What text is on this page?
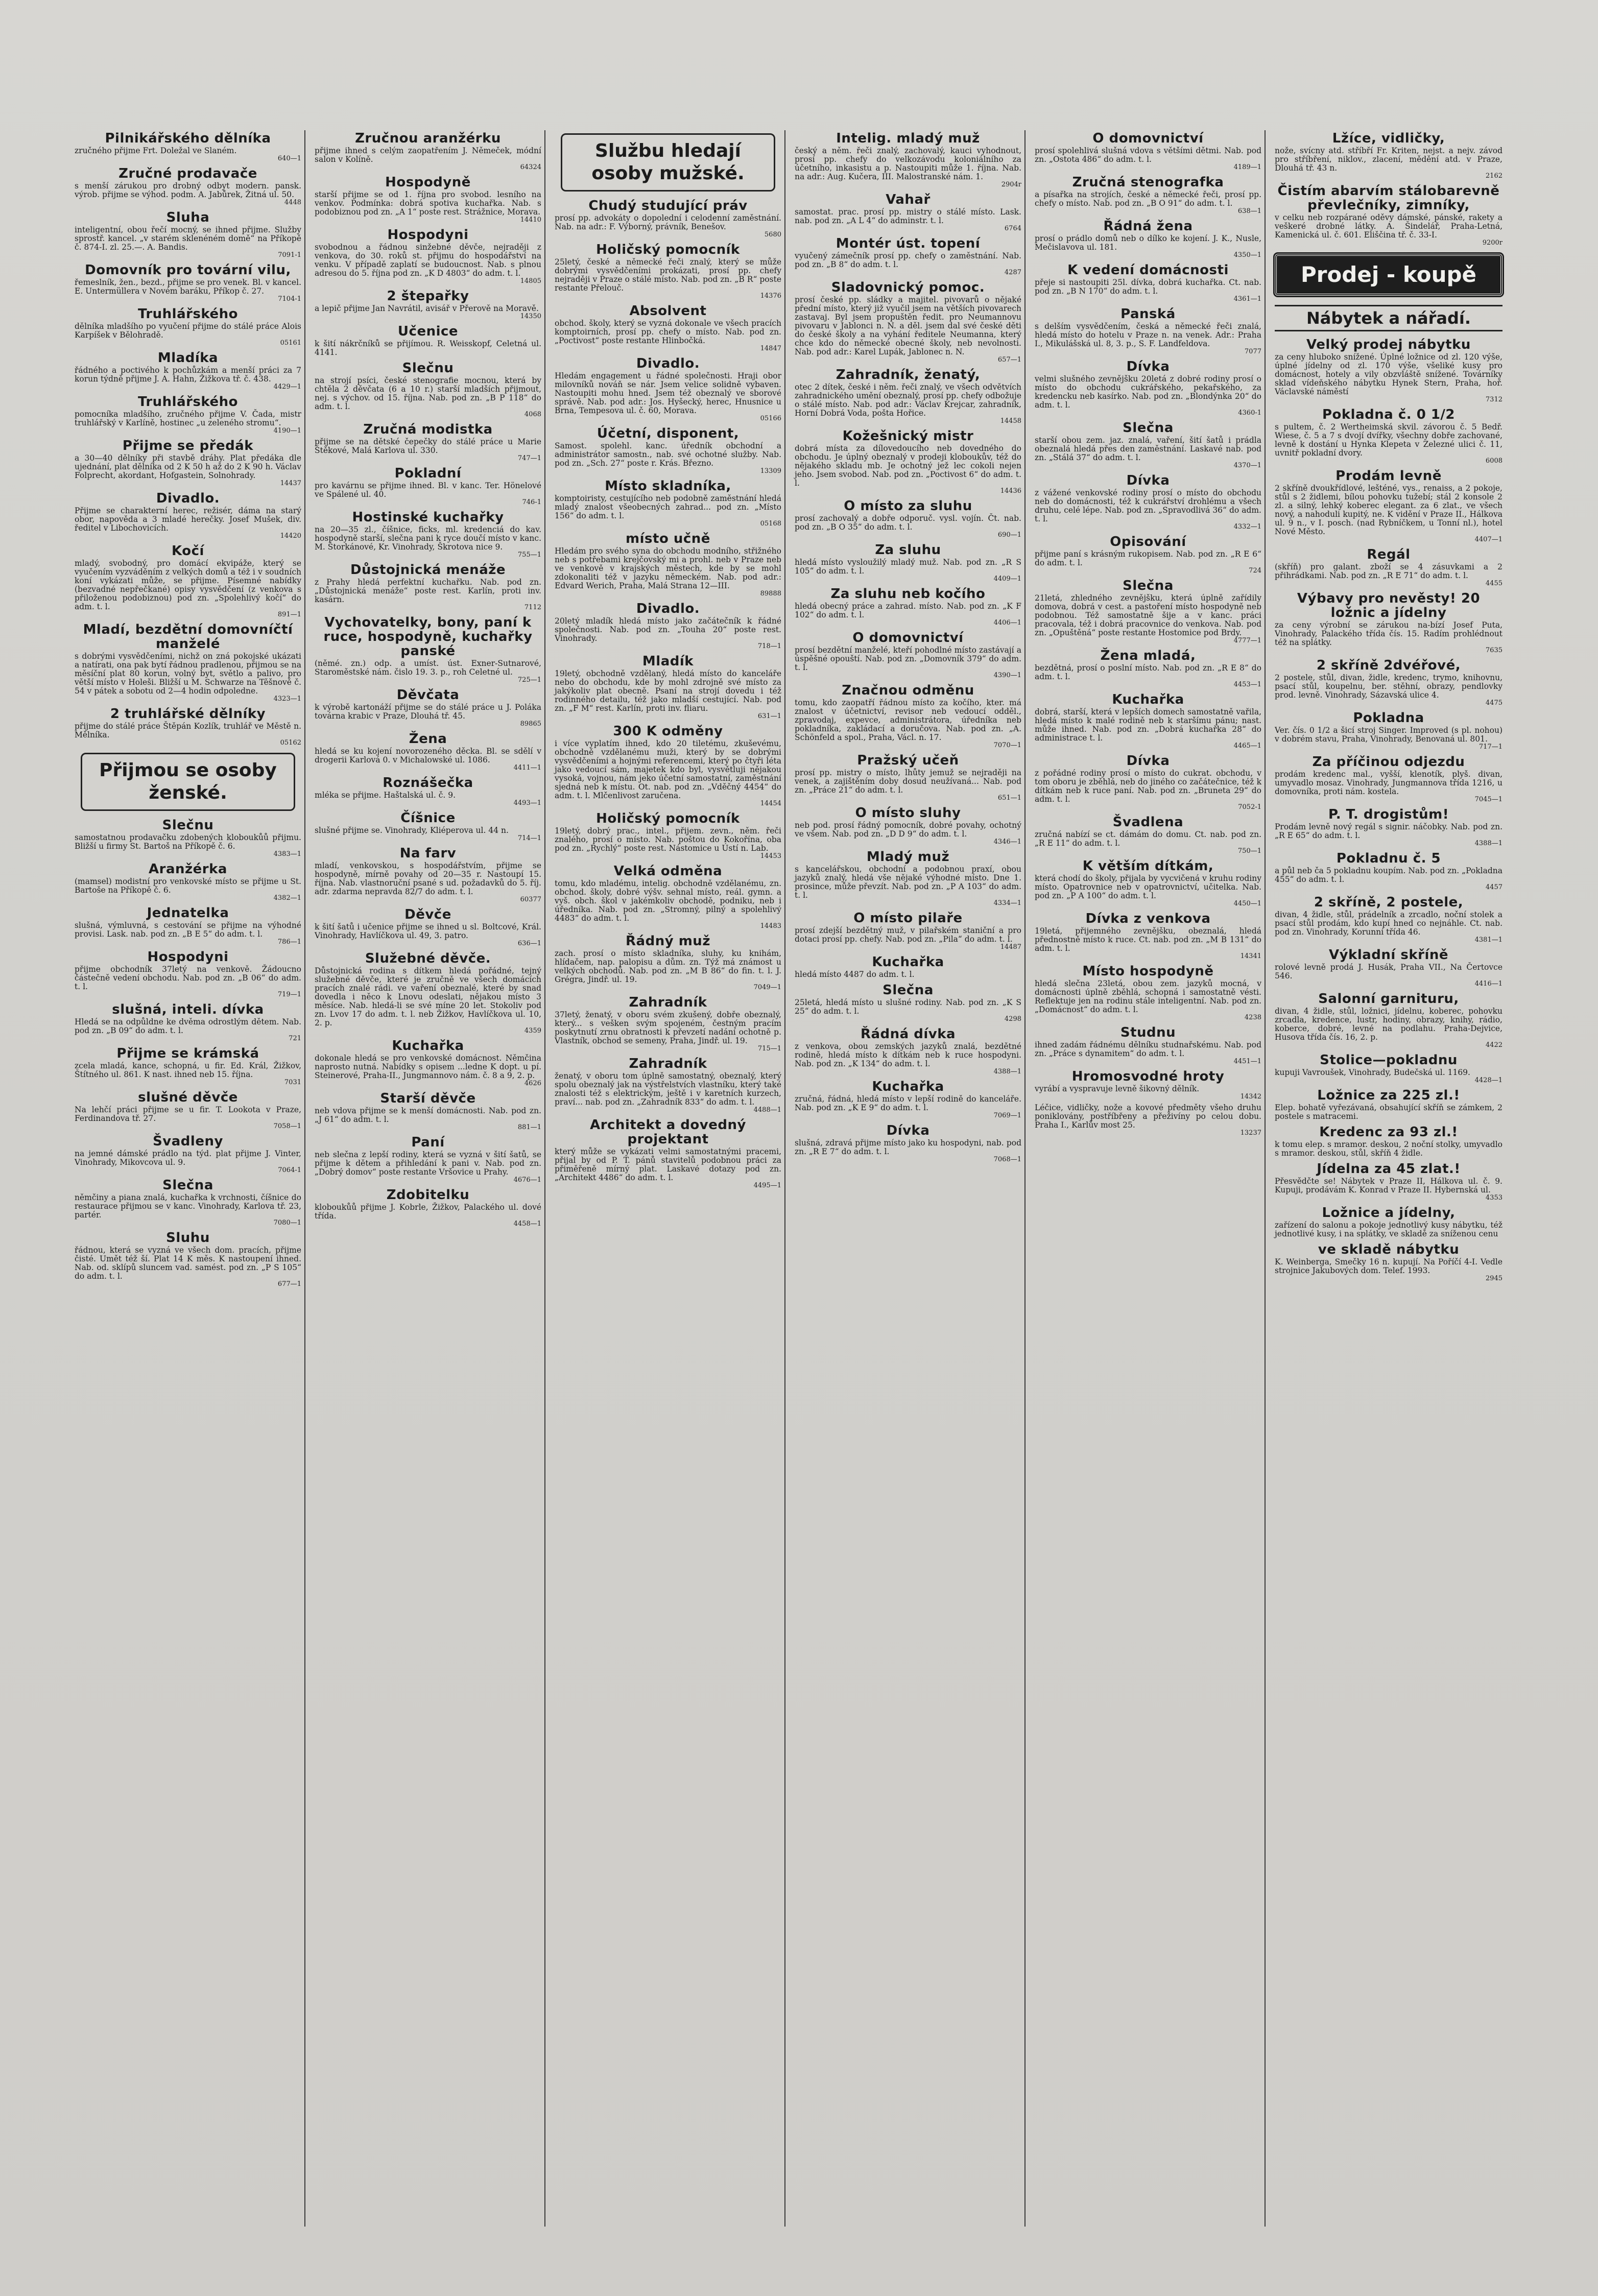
Pilnikářského dělníka

zručného přijme Frt. Doležal ve Slaném.

640—1
Zručné prodavače

s menší zárukou pro drobný odbyt modern. pansk. výrob. přijme se výhod. podm. A. Jabůrek, Žitná ul. 50.

4448
Sluha

inteligentní, obou řečí mocný, se ihned přijme. Služby sprostř. kancel. „v starém sklenéném domě“ na Příkopě č. 874-I. zl. 25.—. A. Bandis.

7091-1
Domovník pro tovární vilu,

řemeslník, žen., bezd., přijme se pro venek. Bl. v kancel. E. Untermüllera v Novém baráku, Příkop č. 27.

7104-1
Truhlářského

dělníka mladšího po vyučení přijme do stálé práce Alois Karpíšek v Bělohradě.

05161
Mladíka

řádného a poctivého k pochůzkám a menší práci za 7 korun týdně přijme J. A. Hahn, Žižkova tř. č. 438.

4429—1
Truhlářského

pomocníka mladšího, zručného přijme V. Čada, mistr truhlářský v Karlíně, hostinec „u zeleného stromu“.

4190—1
Přijme se předák

a 30—40 dělníky při stavbě dráhy. Plat předáka dle ujednání, plat dělníka od 2 K 50 h až do 2 K 90 h. Václav Folprecht, akordant, Hofgastein, Solnohrady.

14437
Divadlo.

Přijme se charakterní herec, režisér, dáma na starý obor, napověda a 3 mladé herečky. Josef Mušek, div. ředitel v Libochovicích.

14420
Kočí

mladý, svobodný, pro domácí ekvipáže, který se vyučením vyzváděním z velkých domů a též i v soudních koní vykázati může, se přijme. Písemné nabídky (bezvadné nepřečkané) opisy vysvědčení (z venkova s přiloženou podobiznou) pod zn. „Spolehlivý kočí“ do adm. t. l.

891—1
Mladí, bezdětní domovníčtí manželé

s dobrými vysvědčeními, nichž on zná pokojské ukázati a natírati, ona pak bytí řádnou pradlenou, přijmou se na měsíční plat 80 korun, volný byt, světlo a palivo, pro větší místo v Holeši. Bližší u M. Schwarze na Těšnově č. 54 v pátek a sobotu od 2—4 hodin odpoledne.

4323—1
2 truhlářské dělníky

přijme do stálé práce Štěpán Kozlík, truhlář ve Městě n. Mělníka.

05162
Přijmou se osoby ženské.
Slečnu

samostatnou prodavačku zdobených kloboukůů přijmu. Bližší u firmy St. Bartoš na Příkopě č. 6.

4383—1
Aranžérka

(mamsel) modistní pro venkovské místo se přijme u St. Bartoše na Příkopě č. 6.

4382—1
Jednatelka

slušná, výmluvná, s cestování se přijme na výhodné provisi. Lask. nab. pod zn. „B E 5“ do adm. t. l.

786—1
Hospodyni

přijme obchodník 37letý na venkově. Žádoucno částečně vedení obchodu. Nab. pod zn. „B 06“ do adm. t. l.

719—1
slušná, inteli. dívka

Hledá se na odpůldne ke dvěma odrostlým dětem. Nab. pod zn. „B 09“ do adm. t. l.

721
Přijme se krámská

zcela mladá, kance, schopná, u fir. Ed. Král, Žižkov, Štítného ul. 861. K nast. ihned neb 15. října.

7031
slušné děvče

Na lehčí práci přijme se u fir. T. Lookota v Praze, Ferdinandova tř. 27.

7058—1
Švadleny

na jemné dámské prádlo na týd. plat přijme J. Vinter, Vinohrady, Mikovcova ul. 9.

7064-1
Slečna

němčiny a piana znalá, kuchařka k vrchnosti, číšnice do restaurace přijmou se v kanc. Vinohrady, Karlova tř. 23, partér.

7080—1
Sluhu

řádnou, která se vyzná ve všech dom. pracích, přijme čisté. Umět též ší. Plat 14 K měs. K nastoupení ihned. Nab. od. sklípů sluncem vad. samést. pod zn. „P S 105“ do adm. t. l.

677—1
Zručnou aranžérku

přijme ihned s celým zaopatřením J. Němeček, módní salon v Kolíně.

64324
Hospodyně

starší přijme se od 1. října pro svobod. lesního na venkov. Podmínka: dobrá spotiva kuchařka. Nab. s podobiznou pod zn. „A 1“ poste rest. Strážnice, Morava.

14410
Hospodyni

svobodnou a řádnou sinžebné děvče, nejraději z venkova, do 30. roků st. přijmu do hospodářství na venku. V případě zaplatí se budoucnost. Nab. s plnou adresou do 5. října pod zn. „K D 4803“ do adm. t. l.

14805
2 štepařky

a lepič přijme Jan Navrátil, avisář v Přerově na Moravě.

14350
Učenice

k šití nákrčníků se přijímou. R. Weisskopf, Celetná ul. 4141.

Slečnu

na strojí psíci, české stenografie mocnou, která by chtěla 2 děvčata (6 a 10 r.) starší mladších přijmout, nej. s výchov. od 15. října. Nab. pod zn. „B P 118“ do adm. t. l.

4068
Zručná modistka

přijme se na dětské čepečky do stálé práce u Marie Štěkové, Malá Karlova ul. 330.

747—1
Pokladní

pro kavárnu se přijme ihned. Bl. v kanc. Ter. Hönelové ve Spálené ul. 40.

746-1
Hostinské kuchařky

na 20—35 zl., číšnice, ficks, ml. kredenciá do kav. hospodyně starší, slečna pani k ryce doučí místo v kanc. M. Štorkánové, Kr. Vinohrady, Škrotova nice 9.

755—1
Důstojnická menáže

z Prahy hledá perfektní kuchařku. Nab. pod zn. „Důstojnická menáže“ poste rest. Karlín, proti inv. kasárn.

7112
Vychovatelky, bony, paní k ruce, hospodyně, kuchařky panské

(němé. zn.) odp. a umíst. úst. Exner-Sutnarové, Staroměstské nám. čislo 19. 3. p., roh Celetné ul.

725—1
Děvčata

k výrobě kartonáží přijme se do stálé práce u J. Poláka továrna krabic v Praze, Dlouhá tř. 45.

89865
Žena

hledá se ku kojení novorozeného děcka. Bl. se sdělí v drogerii Karlová 0. v Michalowské ul. 1086.

4411—1
Roznášečka

mléka se přijme. Haštalská ul. č. 9.

4493—1
Číšnice

slušné přijme se. Vinohrady, Kliéperova ul. 44 n.

714—1
Na farv

mladí, venkovskou, s hospodářstvím, přijme se hospodyně, mírně povahy od 20—35 r. Nastoupí 15. října. Nab. vlastnoruční psané s ud. požadavků do 5. říj. adr. zdarma nepravda 82/7 do adm. t. l.

60377
Děvče

k šití šatů i učenice přijme se ihned u sl. Boltcové, Král. Vinohrady, Havlíčkova ul. 49, 3. patro.

636—1
Služebné děvče.

Důstojnická rodina s dítkem hledá pořádné, tejný služebné děvče, které je zručně ve všech domácích pracích znalé rádi. ve vaření obeznalé, které by snad dovedla i něco k Lnovu odeslati, nějakou místo 3 měsíce. Nab. hledá-li se své míne 20 let. Stokoliv pod zn. Lvov 17 do adm. t. l. neb Žižkov, Havlíčkova ul. 10, 2. p.

4359
Kuchařka

dokonale hledá se pro venkovské domácnost. Němčina naprosto nutná. Nabídky s opisem ...ledne K dopt. u pí. Steinerové, Praha-II., Jungmannovo nám. č. 8 a 9, 2. p.

4626
Starší děvče

neb vdova přijme se k menší domácnosti. Nab. pod zn. „J 61“ do adm. t. l.

881—1
Paní

neb slečna z lepší rodiny, která se vyzná v šití šatů, se přijme k dětem a přihledání k pani v. Nab. pod zn. „Dobrý domov“ poste restante Vršovice u Prahy.

4676—1
Zdobitelku

kloboukůů přijme J. Kobrle, Žižkov, Palackého ul. dové třída.

4458—1
Službu hledají osoby mužské.
Chudý studující práv

prosí pp. advokáty o dopolední i celodenní zaměstnání. Nab. na adr.: F. Výborný, právník, Benešov.

5680
Holičský pomocník

25letý, české a německé řeči znalý, který se může dobrými vysvědčeními prokázati, prosí pp. chefy nejraději v Praze o stálé místo. Nab. pod zn. „B R“ poste restante Přelouč.

14376
Absolvent

obchod. školy, který se vyzná dokonale ve všech pracích komptoirních, prosí pp. chefy o místo. Nab. pod zn. „Poctivost“ poste restante Hlinbočká.

14847
Divadlo.

Hledám engagement u řádné společnosti. Hraji obor milovníků nováň se nár. Jsem velice solidně vybaven. Nastoupiti mohu hned. Jsem též obeznalý ve sborové správě. Nab. pod adr.: Jos. Hyšecký, herec, Hnusnice u Brna, Tempesova ul. č. 60, Morava.

05166
Účetní, disponent,

Samost. spolehl. kanc. úředník obchodní a administrátor samostn., nab. své ochotné služby. Nab. pod zn. „Sch. 27“ poste r. Krás. Březno.

13309
Místo skladníka,

komptoiristy, cestujícího neb podobně zaměstnání hledá mladý znalost všeobecných zahrad... pod zn. „Místo 156“ do adm. t. l.

05168
místo učně

Hledám pro svého syna do obchodu modního, střižného neb s potřebami krejčovský mi a prohl. neb v Praze neb ve venkově v krajských městech, kde by se mohl zdokonaliti též v jazyku německém. Nab. pod adr.: Edvard Werich, Praha, Malá Strana 12—III.

89888
Divadlo.

20letý mladík hledá místo jako začátečník k řádné společnosti. Nab. pod zn. „Touha 20“ poste rest. Vinohrady.

718—1
Mladík

19letý, obchodně vzdělaný, hledá místo do kanceláře nebo do obchodu, kde by mohl zdrojně své místo za jakýkoliv plat obecně. Psaní na strojí dovedu i též rodinného detailu, též jako mladší cestující. Nab. pod zn. „F M“ rest. Karlín, proti inv. fliaru.

631—1
300 K odměny

i více vyplatím ihned, kdo 20 tiletému, zkuševému, obchodně vzdělanému muži, který by se dobrými vysvědčeními a hojnými referencemi, který po čtyři léta jako vedoucí sám, majetek kdo byl, vysvětluji nějakou vysoká, vojnou, nám jeko účetní samostatní, zaměstnání sjedná neb k místu. Ot. nab. pod zn. „Vděčný 4454“ do adm. t. l. Mlčenlivost zaručena.

14454
Holičský pomocník

19letý, dobrý prac., intel., přijem. zevn., něm. řeči znalého, prosí o místo. Nab. poštou do Kokořína, oba pod zn. „Rychlý“ poste rest. Nástomice u Ústí n. Lab.

14453
Velká odměna

tomu, kdo mladému, intelig. obchodně vzdělanému, zn. obchod. školy, dobré výšv. sehnal místo, reál. gymn. a vyš. obch. škol v jakémkoliv obchodě, podniku, neb i úředníka. Nab. pod zn. „Stromný, pilný a spolehlivý 4483“ do adm. t. l.

14483
Řádný muž

zach. prosí o místo skladníka, sluhy, ku knihám, hlídačem, nap. palopisu a dům. zn. Týž má známost u velkých obchodů. Nab. pod zn. „M B 86“ do fin. t. l. J. Grégra, Jindř. ul. 19.

7049—1
Zahradník

37letý, ženatý, v oboru svém zkušený, dobře obeznalý, který... s vešken svým spojeném, čestným pracím poskytnutí zrnu obratnosti k převzetí nadání ochotně p. Vlastník, obchod se semeny, Praha, Jindř. ul. 19.

715—1
Zahradník

ženatý, v oboru tom úplně samostatný, obeznalý, který spolu obeznalý jak na výstřelstvích vlastníku, který také znalosti též s elektrickým, ještě i v karetních kurzech, praví... nab. pod zn. „Zahradník 833“ do adm. t. l.

4488—1
Architekt a dovedný projektant

který může se vykázati velmi samostatnými pracemi, přijal by od P. T. pánů stavitelů podobnou práci za přiměřeně mírný plat. Laskavé dotazy pod zn. „Architekt 4486“ do adm. t. l.

4495—1
Intelig. mladý muž

český a něm. řeči znalý, zachovalý, kauci vyhodnout, prosí pp. chefy do velkozávodu koloniálního za účetního, inkasistu a p. Nastoupiti může 1. října. Nab. na adr.: Aug. Kučera, III. Malostranské nám. 1.

2904r
Vahař

samostat. prac. prosí pp. mistry o stálé místo. Lask. nab. pod zn. „A L 4“ do adminstr. t. l.

6764
Montér úst. topení

vyučený zámečník prosí pp. chefy o zaměstnání. Nab. pod zn. „B 8“ do adm. t. l.

4287
Sladovnický pomoc.

prosí české pp. sládky a majitel. pivovarů o nějaké přední místo, který již vyučil jsem na větších pivovarech zastavaj. Byl jsem propuštěn ředit. pro Neumannovu pivovaru v Jablonci n. N. a děl. jsem dal své české děti do české školy a na vyhání ředitele Neumanna, který chce kdo do německé obecné školy, neb nevolnosti. Nab. pod adr.: Karel Lupák, Jablonec n. N.

657—1
Zahradník, ženatý,

otec 2 dítek, české i něm. řeči znalý, ve všech odvětvích zahradnického umění obeznalý, prosí pp. chefy odbožuje o stálé místo. Nab. pod adr.: Václav Krejcar, zahradník, Horní Dobrá Voda, pošta Hořice.

14458
Kožešnický mistr

dobrá místa za dílovedoucího neb dovedného do obchodu. Je úplný obeznalý v prodeji kloboukův, též do nějakého skladu mb. Je ochotný jež lec cokoli nejen jeho. Jsem svobod. Nab. pod zn. „Poctivost 6“ do adm. t. l.

14436
O místo za sluhu

prosí zachovalý a dobře odporuč. vysl. vojín. Čt. nab. pod zn. „B O 35“ do adm. t. l.

690—1
Za sluhu

hledá místo vysloužilý mladý muž. Nab. pod zn. „R S 105“ do adm. t. l.

4409—1
Za sluhu neb kočího

hledá obecný práce a zahrad. místo. Nab. pod zn. „K F 102“ do adm. t. l.

4406—1
O domovnictví

prosí bezdětní manželé, kteří pohodlné místo zastávají a úspěšné opouští. Nab. pod zn. „Domovník 379“ do adm. t. l.

4390—1
Značnou odměnu

tomu, kdo zaopatří řádnou místo za kočího, kter. má znalost v účetnictví, revisor neb vedoucí odděl., zpravodaj, expevce, administrátora, úředníka neb pokladníka, zakládací a doručova. Nab. pod zn. „A. Schönfeld a spol., Praha, Václ. n. 17.

7070—1
Pražský učeň

prosí pp. mistry o místo, lhůty jemuž se nejraději na venek, a zajištěním doby dosud neužívaná... Nab. pod zn. „Práce 21“ do adm. t. l.

651—1
O místo sluhy

neb pod. prosí řádný pomocník, dobré povahy, ochotný ve všem. Nab. pod zn. „D D 9“ do adm. t. l.

4346—1
Mladý muž

s kancelářskou, obchodní a podobnou praxí, obou jazyků znalý, hledá vše nějaké výhodné místo. Dne 1. prosince, může převzít. Nab. pod zn. „P A 103“ do adm. t. l.

4334—1
O místo pilaře

prosí zdejší bezdětný muž, v pilařském staniční a pro dotaci prosí pp. chefy. Nab. pod zn. „Pila“ do adm. t. l.

14487
Kuchařka

hledá místo 4487 do adm. t. l.

Slečna

25letá, hledá místo u slušné rodiny. Nab. pod zn. „K S 25“ do adm. t. l.

4298
Řádná dívka

z venkova, obou zemských jazyků znalá, bezdětné rodině, hledá místo k dítkám neb k ruce hospodyni. Nab. pod zn. „K 134“ do adm. t. l.

4388—1
Kuchařka

zručná, řádná, hledá místo v lepší rodině do kanceláře. Nab. pod zn. „K E 9“ do adm. t. l.

7069—1
Dívka

slušná, zdravá přijme místo jako ku hospodyni, nab. pod zn. „R E 7“ do adm. t. l.

7068—1
O domovnictví

prosí spolehlivá slušná vdova s většími dětmi. Nab. pod zn. „Ostota 486“ do adm. t. l.

4189—1
Zručná stenografka

a písařka na strojích, české a německé řeči, prosí pp. chefy o místo. Nab. pod zn. „B O 91“ do adm. t. l.

638—1
Řádná žena

prosí o prádlo domů neb o dílko ke kojení. J. K., Nusle, Mečislavova ul. 181.

4350—1
K vedení domácnosti

přeje si nastoupiti 25l. dívka, dobrá kuchařka. Ct. nab. pod zn. „B N 170“ do adm. t. l.

4361—1
Panská

s delším vysvědčením, česká a německé řeči znalá, hledá místo do hotelu v Praze n. na venek. Adr.: Praha I., Mikulášská ul. 8, 3. p., S. F. Landfeldova.

7077
Dívka

velmi slušného zevnějšku 20letá z dobré rodiny prosí o místo do obchodu cukrářského, pekařského, za kredencku neb kasírko. Nab. pod zn. „Blondýnka 20“ do adm. t. l.

4360-1
Slečna

starší obou zem. jaz. znalá, vaření, šití šatů i prádla obeznalá hledá přes den zaměstnání. Laskavé nab. pod zn. „Stálá 37“ do adm. t. l.

4370—1
Dívka

z vážené venkovské rodiny prosí o místo do obchodu neb do domácnosti, též k cukrářství drohlému a všech druhu, celé lépe. Nab. pod zn. „Spravodlivá 36“ do adm. t. l.

4332—1
Opisování

přijme paní s krásným rukopisem. Nab. pod zn. „R E 6“ do adm. t. l.

724
Slečna

21letá, zhledného zevnějšku, která úplně zařídily domova, dobrá v cest. a pastoření místo hospodyně neb podobnou. Též samostatně šije a v kanc. práci pracovala, též i dobrá pracovnice do venkova. Nab. pod zn. „Opuštěná“ poste restante Hostomice pod Brdy.

4777—1
Žena mladá,

bezdětná, prosí o poslní místo. Nab. pod zn. „R E 8“ do adm. t. l.

4453—1
Kuchařka

dobrá, starší, která v lepších domech samostatně vařila, hledá místo k malé rodině neb k staršímu pánu; nast. může ihned. Nab. pod zn. „Dobrá kuchařka 28“ do administrace t. l.

4465—1
Dívka

z pořádné rodiny prosí o místo do cukrat. obchodu, v tom oboru je zběhlá, neb do jiného co začátečnice, též k dítkám neb k ruce paní. Nab. pod zn. „Bruneta 29“ do adm. t. l.

7052-1
Švadlena

zručná nabízí se ct. dámám do domu. Ct. nab. pod zn. „R E 11“ do adm. t. l.

750—1
K větším dítkám,

která chodí do školy, přijala by vycvičená v kruhu rodiny místo. Opatrovnice neb v opatrovnictví, učitelka. Nab. pod zn. „P A 100“ do adm. t. l.

4450—1
Dívka z venkova

19letá, přijemného zevnějšku, obeznalá, hledá přednostně místo k ruce. Ct. nab. pod zn. „M B 131“ do adm. t. l.

14341
Místo hospodyně

hledá slečna 23letá, obou zem. jazyků mocná, v domácnosti úplně zběhlá, schopná i samostatně vésti. Reflektuje jen na rodinu stále inteligentní. Nab. pod zn. „Domácnost“ do adm. t. l.

4238
Studnu

ihned zadám řádnému dělníku studnařskému. Nab. pod zn. „Práce s dynamitem“ do adm. t. l.

4451—1
Hromosvodné hroty

vyrábí a vyspravuje levně šikovný dělník.

14342

Léčice, vidličky, nože a kovové předměty všeho druhu poniklovány, postříbřeny a přeživíny po celou dobu. Praha I., Karlův most 25.

13237
Lžíce, vidličky,

nože, svícny atd. stříbří Fr. Kriten, nejst. a nejv. závod pro stříbření, niklov., zlacení, mědění atd. v Praze, Dlouhá tř. 43 n.

2162
Čistím abarvím stálobarevně převlečníky, zimníky,

v celku neb rozpárané oděvy dámské, pánské, rakety a veškeré drobné látky. A. Šindelář, Praha-Letná, Kamenická ul. č. 601. Eliščina tř. č. 33-I.

9200r
Prodej - koupě
Nábytek a nářadí.
Velký prodej nábytku

za ceny hluboko snížené. Úplné ložnice od zl. 120 výše, úplné jídelny od zl. 170 výše, všeliké kusy pro domácnost, hotely a vily obzvláště snížené. Továrníky sklad vídeňského nábytku Hynek Stern, Praha, hoř. Václavské náměstí

7312
Pokladna č. 0 1/2

s pultem, č. 2 Wertheimská skvil. závorou č. 5 Bedř. Wiese, č. 5 a 7 s dvojí dvířky, všechny dobře zachované, levně k dostání u Hynka Klepeta v Zelezné ulici č. 11, uvnitř pokladní dvory.

6008
Prodám levně

2 skříně dvoukřídlové, lešténé, vys., renaiss, a 2 pokoje, stůl s 2 židlemi, bílou pohovku tužebí; stál 2 konsole 2 zl. a silný, lehký koberec elegant. za 6 zlat., ve všech nový, a nahoduli kupitý, ne. K vidění v Praze II., Hálkova ul. 9 n., v I. posch. (nad Rybníčkem, u Tonní nl.), hotel Nové Město.

4407—1
Regál

(skříň) pro galant. zboží se 4 zásuvkami a 2 přihrádkami. Nab. pod zn. „R E 71“ do adm. t. l.

4455
Výbavy pro nevěsty! 20 ložnic a jídelny

za ceny výrobní se zárukou na-bízí Josef Puta, Vinohrady, Palackého třída čís. 15. Radím prohlédnout též na splátky.

7635
2 skříně 2dvéřové,

2 postele, stůl, divan, židle, kredenc, trymo, knihovnu, psací stůl, koupelnu, ber. stěhní, obrazy, pendlovky prod. levně. Vinohrady, Sázavská ulice 4.

4475
Pokladna

Ver. čís. 0 1/2 a šicí stroj Singer. Improved (s pl. nohou) v dobrém stavu, Praha, Vinohrady, Benovaná ul. 801.

717—1
Za příčinou odjezdu

prodám kredenc mal., vyšší, klenotík, plyš. divan, umyvadlo mosaz. Vinohrady, Jungmannova třída 1216, u domovníka, proti nám. kostela.

7045—1
P. T. drogistům!

Prodám levně nový regál s signir. náčobky. Nab. pod zn. „R E 65“ do adm. t. l.

4388—1
Pokladnu č. 5

a půl neb ča 5 pokladnu koupím. Nab. pod zn. „Pokladna 455“ do adm. t. l.

4457
2 skříně, 2 postele,

divan, 4 židle, stůl, prádelník a zrcadlo, noční stolek a psací stůl prodám, kdo kupí hned co nejnáhle. Ct. nab. pod zn. Vinohrady, Korunní třída 46.

4381—1
Výkladní skříně

rolové levně prodá J. Husák, Praha VII., Na Čertovce 546.

4416—1
Salonní garnituru,

divan, 4 židle, stůl, ložnici, jídelnu, koberec, pohovku zrcadla, kredence, lustr, hodiny, obrazy, knihy, rádio, koberce, dobré, levné na podlahu. Praha-Dejvice, Husova třída čís. 16, 2. p.

4422
Stolice—pokladnu

kupuji Vavroušek, Vinohrady, Budečská ul. 1169.

4428—1
Ložnice za 225 zl.!

Elep. bohatě vyřezávaná, obsahující skříň se zámkem, 2 postele s matracemi.

Kredenc za 93 zl.!

k tomu elep. s mramor. deskou, 2 noční stolky, umyvadlo s mramor. deskou, stůl, skříň 4 židle.

Jídelna za 45 zlat.!

Přesvědčte se! Nábytek v Praze II, Hálkova ul. č. 9. Kupuji, prodávám K. Konrad v Praze II. Hybernská ul.

4353
Ložnice a jídelny,

zařízení do salonu a pokoje jednotlivý kusy nábytku, též jednotlivé kusy, i na splátky, ve skladě za sníženou cenu

ve skladě nábytku

K. Weinberga, Smečky 16 n. kupují. Na Poříčí 4-I. Vedle strojnice Jakubových dom. Telef. 1993.

2945
